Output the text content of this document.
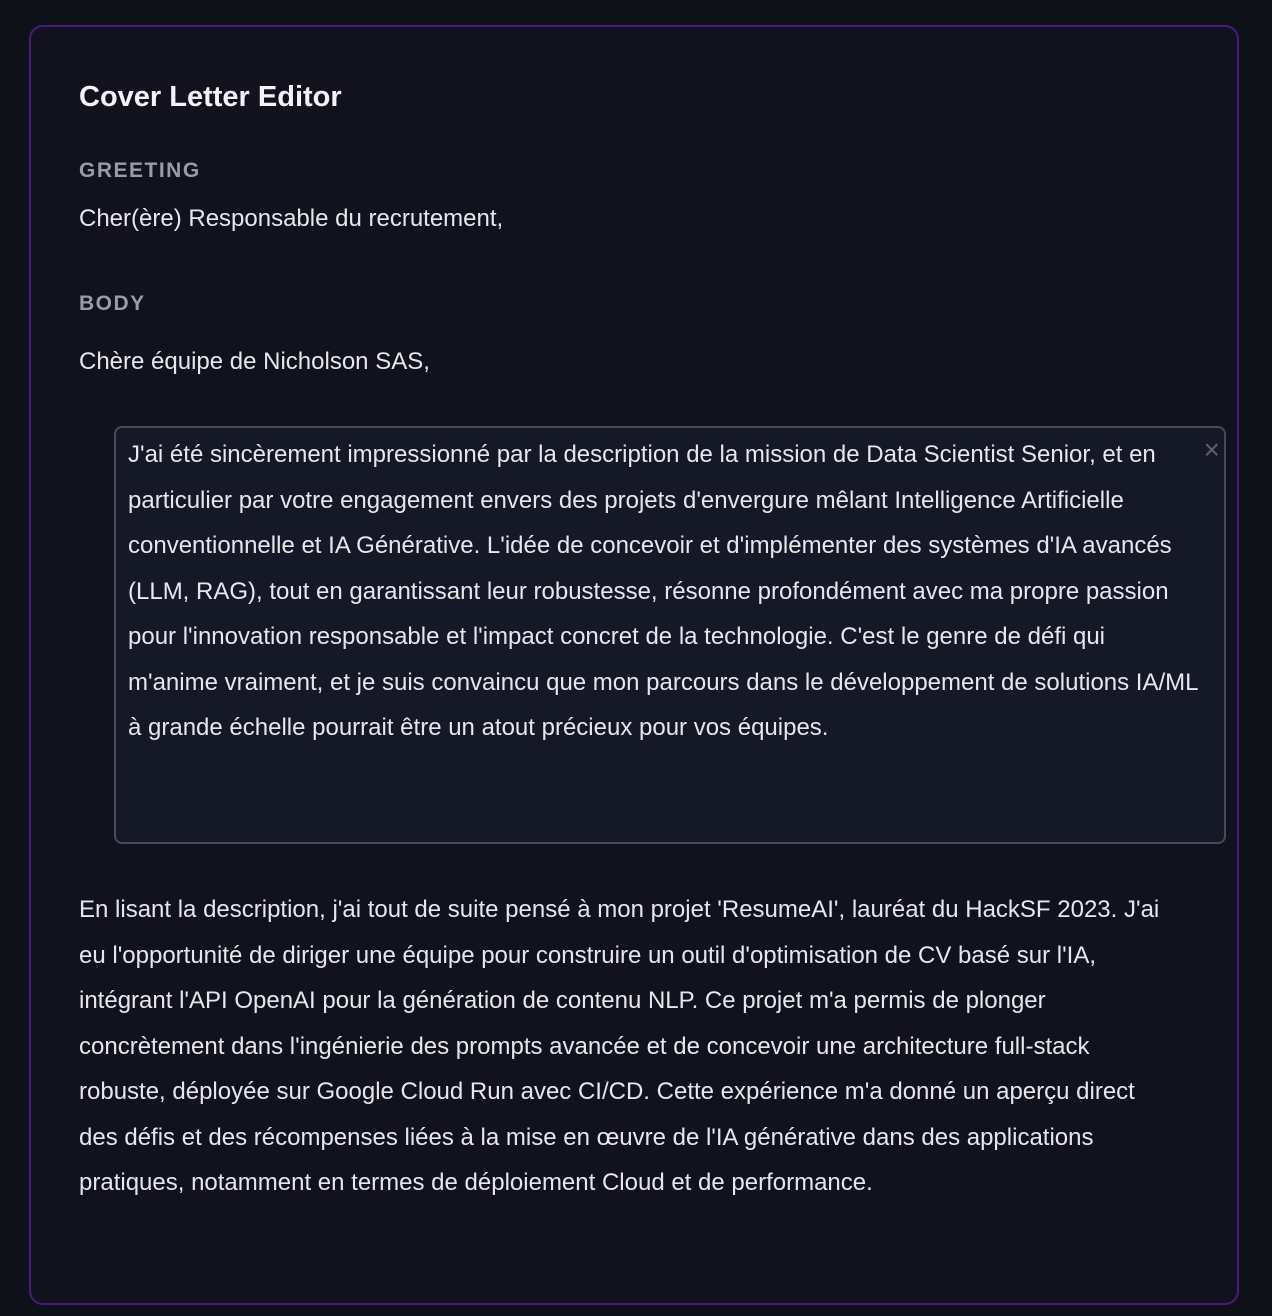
Cover Letter Editor
GREETING
Cher(ère) Responsable du recrutement,
BODY
Chère équipe de Nicholson SAS,
J'ai été sincèrement impressionné par la description de la mission de Data Scientist Senior, et en particulier par votre engagement envers des projets d'envergure mêlant Intelligence Artificielle conventionnelle et IA Générative. L'idée de concevoir et d'implémenter des systèmes d'IA avancés (LLM, RAG), tout en garantissant leur robustesse, résonne profondément avec ma propre passion pour l'innovation responsable et l'impact concret de la technologie. C'est le genre de défi qui m'anime vraiment, et je suis convaincu que mon parcours dans le développement de solutions IA/ML à grande échelle pourrait être un atout précieux pour vos équipes.
×
En lisant la description, j'ai tout de suite pensé à mon projet 'ResumeAI', lauréat du HackSF 2023. J'ai eu l'opportunité de diriger une équipe pour construire un outil d'optimisation de CV basé sur l'IA, intégrant l'API OpenAI pour la génération de contenu NLP. Ce projet m'a permis de plonger concrètement dans l'ingénierie des prompts avancée et de concevoir une architecture full-stack robuste, déployée sur Google Cloud Run avec CI/CD. Cette expérience m'a donné un aperçu direct des défis et des récompenses liées à la mise en œuvre de l'IA générative dans des applications pratiques, notamment en termes de déploiement Cloud et de performance.
